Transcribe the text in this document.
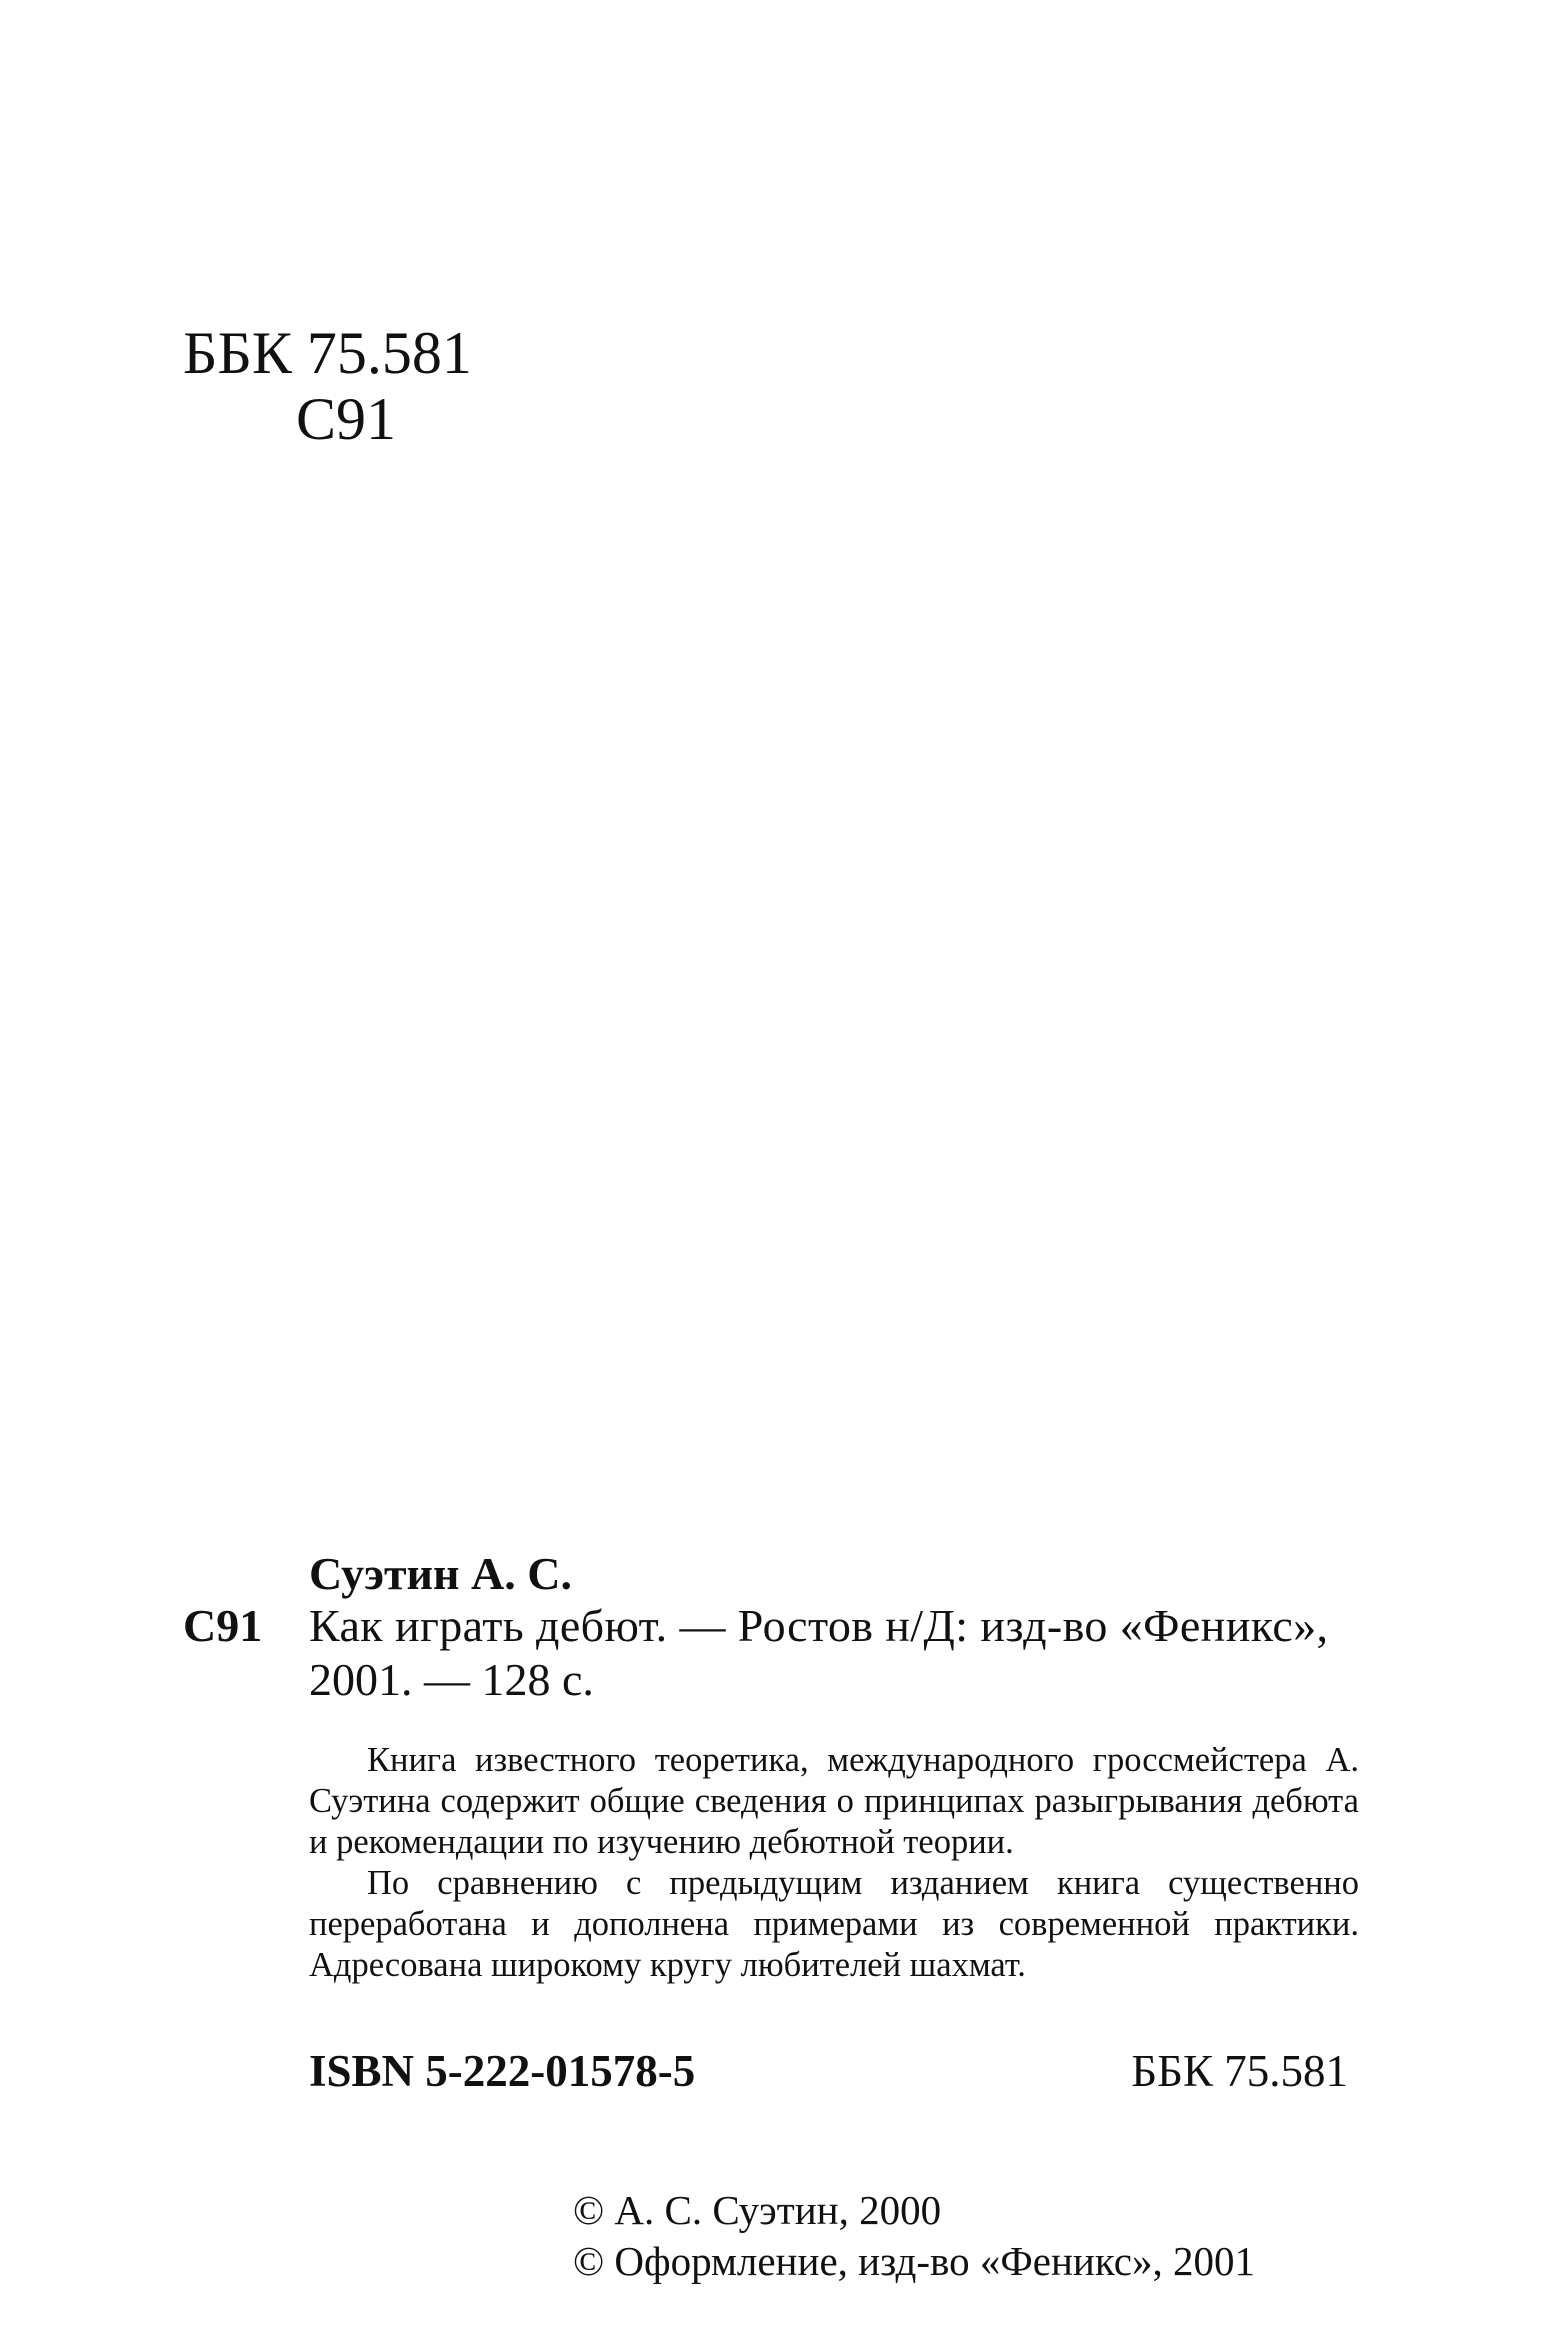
ББК 75.581
С91
Суэтин А. С.
С91 Как играть дебют. — Ростов н/Д: изд-во «Феникс»,
2001. — 128 с.

Книга известного теоретика, международного гроссмейстера А. Суэтина содержит общие сведения о принципах разыгрывания дебюта и рекомендации по изучению дебютной теории.

По сравнению с предыдущим изданием книга существенно переработана и дополнена примерами из современной практики. Адресована широкому кругу любителей шахмат.

ISBN 5-222-01578-5	ББК 75.581
© А. С. Суэтин, 2000
© Оформление, изд-во «Феникс», 2001
